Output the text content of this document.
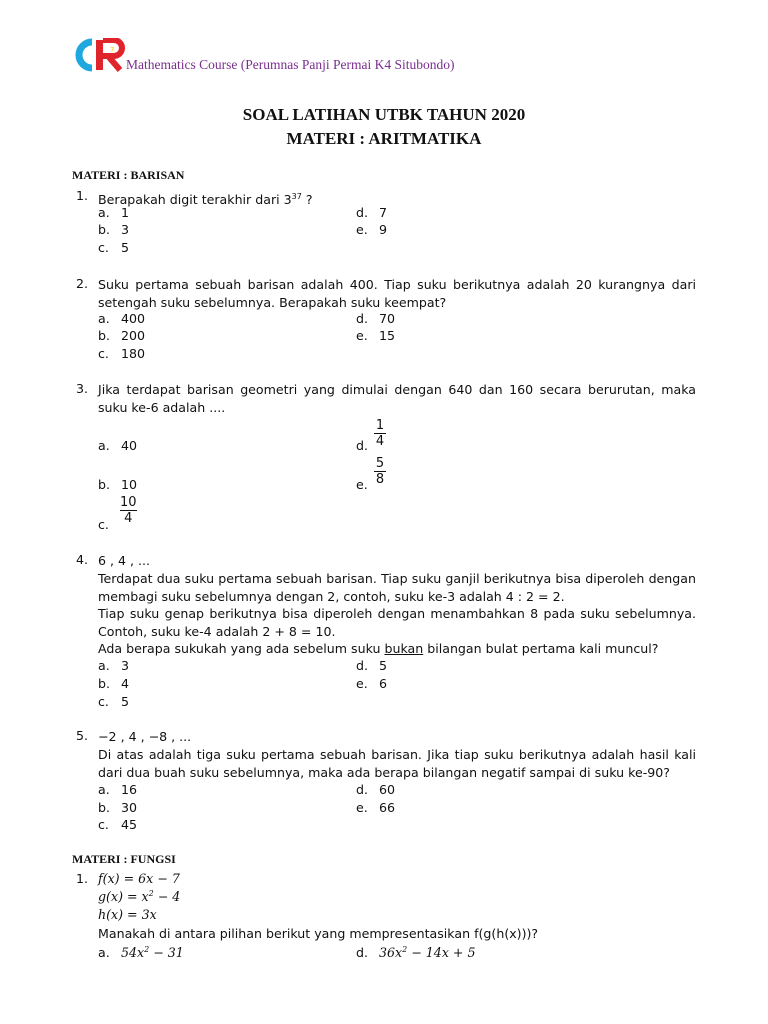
7
Mathematics Course (Perumnas Panji Permai K4 Situbondo)
SOAL LATIHAN UTBK TAHUN 2020
MATERI : ARITMATIKA
MATERI : BARISAN
1. Berapakah digit terakhir dari $3^{37}$ ?
a. 1
b. 3
c. 5
d. 7
e. 9
2. Suku pertama sebuah barisan adalah 400. Tiap suku berikutnya adalah 20 kurangnya dari setengah suku sebelumnya. Berapakah suku keempat?
a. 400
b. 200
c. 180
d. 70
e. 15
3. Jika terdapat barisan geometri yang dimulai dengan 640 dan 160 secara berurutan, maka suku ke-6 adalah ....
a. 40
b. 10
c.
10
4
d.
1
4
e.
5
8
4. 6 , 4 , ...
Terdapat dua suku pertama sebuah barisan. Tiap suku ganjil berikutnya bisa diperoleh dengan membagi suku sebelumnya dengan 2, contoh, suku ke-3 adalah 4 : 2 = 2.
Tiap suku genap berikutnya bisa diperoleh dengan menambahkan 8 pada suku sebelumnya. Contoh, suku ke-4 adalah 2 + 8 = 10.
Ada berapa sukukah yang ada sebelum suku bukan bilangan bulat pertama kali muncul?
a. 3
b. 4
c. 5
d. 5
e. 6
5. −2 , 4 , −8 , ...
Di atas adalah tiga suku pertama sebuah barisan. Jika tiap suku berikutnya adalah hasil kali dari dua buah suku sebelumnya, maka ada berapa bilangan negatif sampai di suku ke-90?
a. 16
b. 30
c. 45
d. 60
e. 66
MATERI : FUNGSI
1. f(x) = 6x − 7
$g(x) = x^2 - 4$
h(x) = 3x
Manakah di antara pilihan berikut yang mempresentasikan f(g(h(x)))?
a. $54x^2 - 31$	d. $36x^2 - 14x + 5$
